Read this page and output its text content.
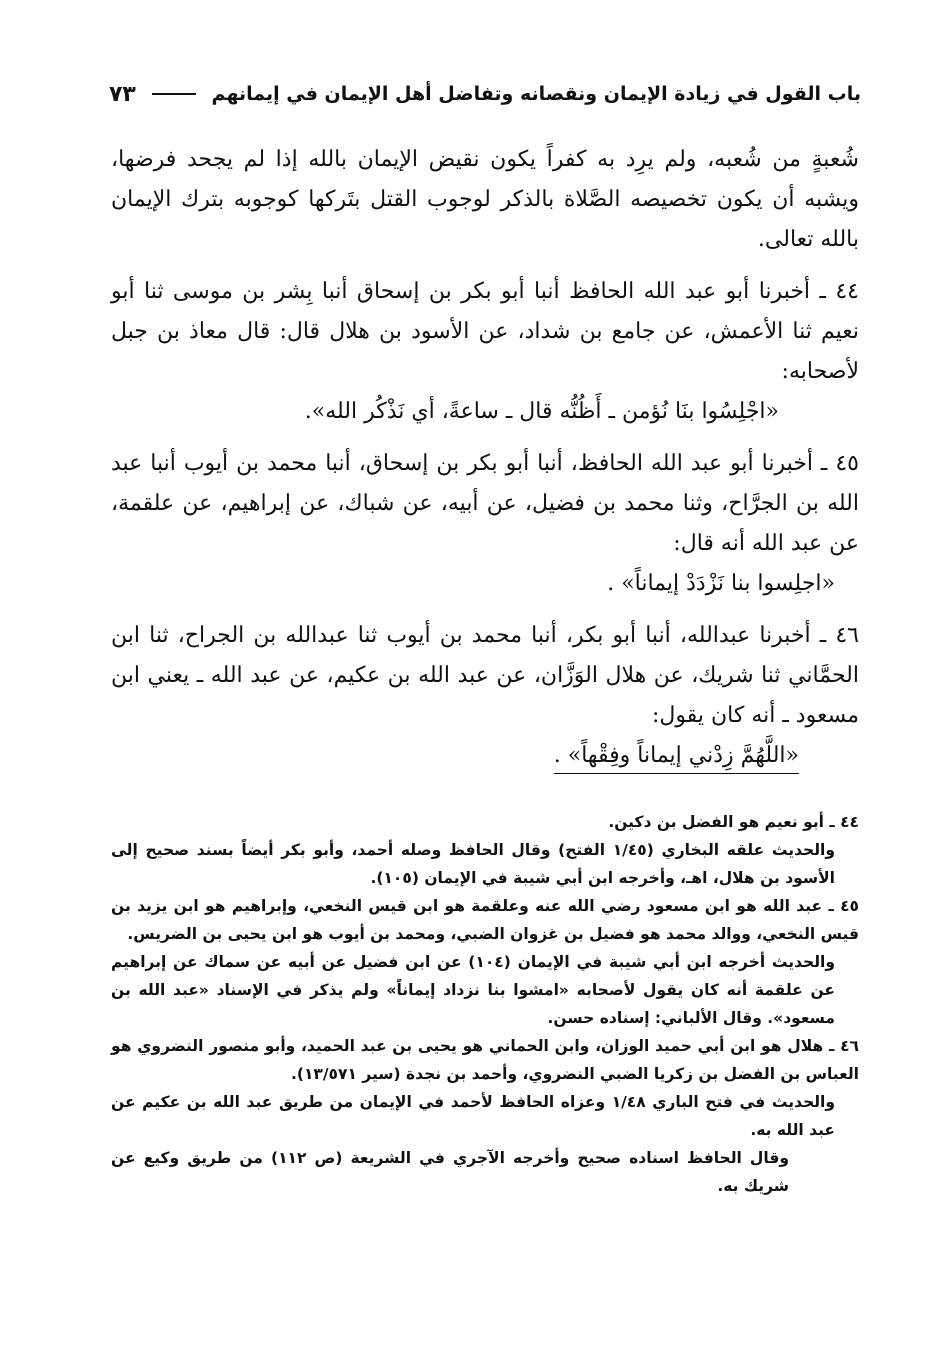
باب القول في زيادة الإيمان ونقصانه وتفاضل أهل الإيمان في إيمانهم
٧٣

شُعبةٍ من شُعبه، ولم يرِد به كفراً يكون نقيض الإيمان بالله إذا لم يجحد فرضها، ويشبه أن يكون تخصيصه الصَّلاة بالذكر لوجوب القتل بتَركها كوجوبه بترك الإيمان بالله تعالى.

٤٤ ـ أخبرنا أبو عبد الله الحافظ أنبا أبو بكر بن إسحاق أنبا بِشر بن موسى ثنا أبو نعيم ثنا الأعمش، عن جامع بن شداد، عن الأسود بن هلال قال: قال معاذ بن جبل لأصحابه:

«اجْلِسُوا بنَا نُؤمن ـ أَظُنُّه قال ـ ساعةً، أي نَذْكُر الله».

٤٥ ـ أخبرنا أبو عبد الله الحافظ، أنبا أبو بكر بن إسحاق، أنبا محمد بن أيوب أنبا عبد الله بن الجرَّاح، وثنا محمد بن فضيل، عن أبيه، عن شباك، عن إبراهيم، عن علقمة، عن عبد الله أنه قال:

«اجلِسوا بنا نَزْدَدْ إيماناً» .

٤٦ ـ أخبرنا عبدالله، أنبا أبو بكر، أنبا محمد بن أيوب ثنا عبدالله بن الجراح، ثنا ابن الحمَّاني ثنا شريك، عن هلال الوَزَّان، عن عبد الله بن عكيم، عن عبد الله ـ يعني ابن مسعود ـ أنه كان يقول:

«اللَّهُمَّ زِدْني إيماناً وفِقْهاً» .

٤٤ ـ أبو نعيم هو الفضل بن دكين.

والحديث علقه البخاري (١/٤٥ الفتح) وقال الحافظ وصله أحمد، وأبو بكر أيضاً بسند صحيح إلى الأسود بن هلال، اهـ، وأخرجه ابن أبي شيبة في الإيمان (١٠٥).

٤٥ ـ عبد الله هو ابن مسعود رضي الله عنه وعلقمة هو ابن قيس النخعي، وإبراهيم هو ابن يزيد بن قيس النخعي، ووالد محمد هو فضيل بن غزوان الضبي، ومحمد بن أيوب هو ابن يحيى بن الضريس.

والحديث أخرجه ابن أبي شيبة في الإيمان (١٠٤) عن ابن فضيل عن أبيه عن سماك عن إبراهيم عن علقمة أنه كان يقول لأصحابه «امشوا بنا نزداد إيماناً» ولم يذكر في الإسناد «عبد الله بن مسعود». وقال الألباني: إسناده حسن.

٤٦ ـ هلال هو ابن أبي حميد الوزان، وابن الحماني هو يحيى بن عبد الحميد، وأبو منصور النضروي هو العباس بن الفضل بن زكريا الضبي النضروي، وأحمد بن نجدة (سير ١٣/٥٧١).

والحديث في فتح الباري ١/٤٨ وعزاه الحافظ لأحمد في الإيمان من طريق عبد الله بن عكيم عن عبد الله به.

وقال الحافظ اسناده صحيح وأخرجه الآجري في الشريعة (ص ١١٢) من طريق وكيع عن شريك به.
